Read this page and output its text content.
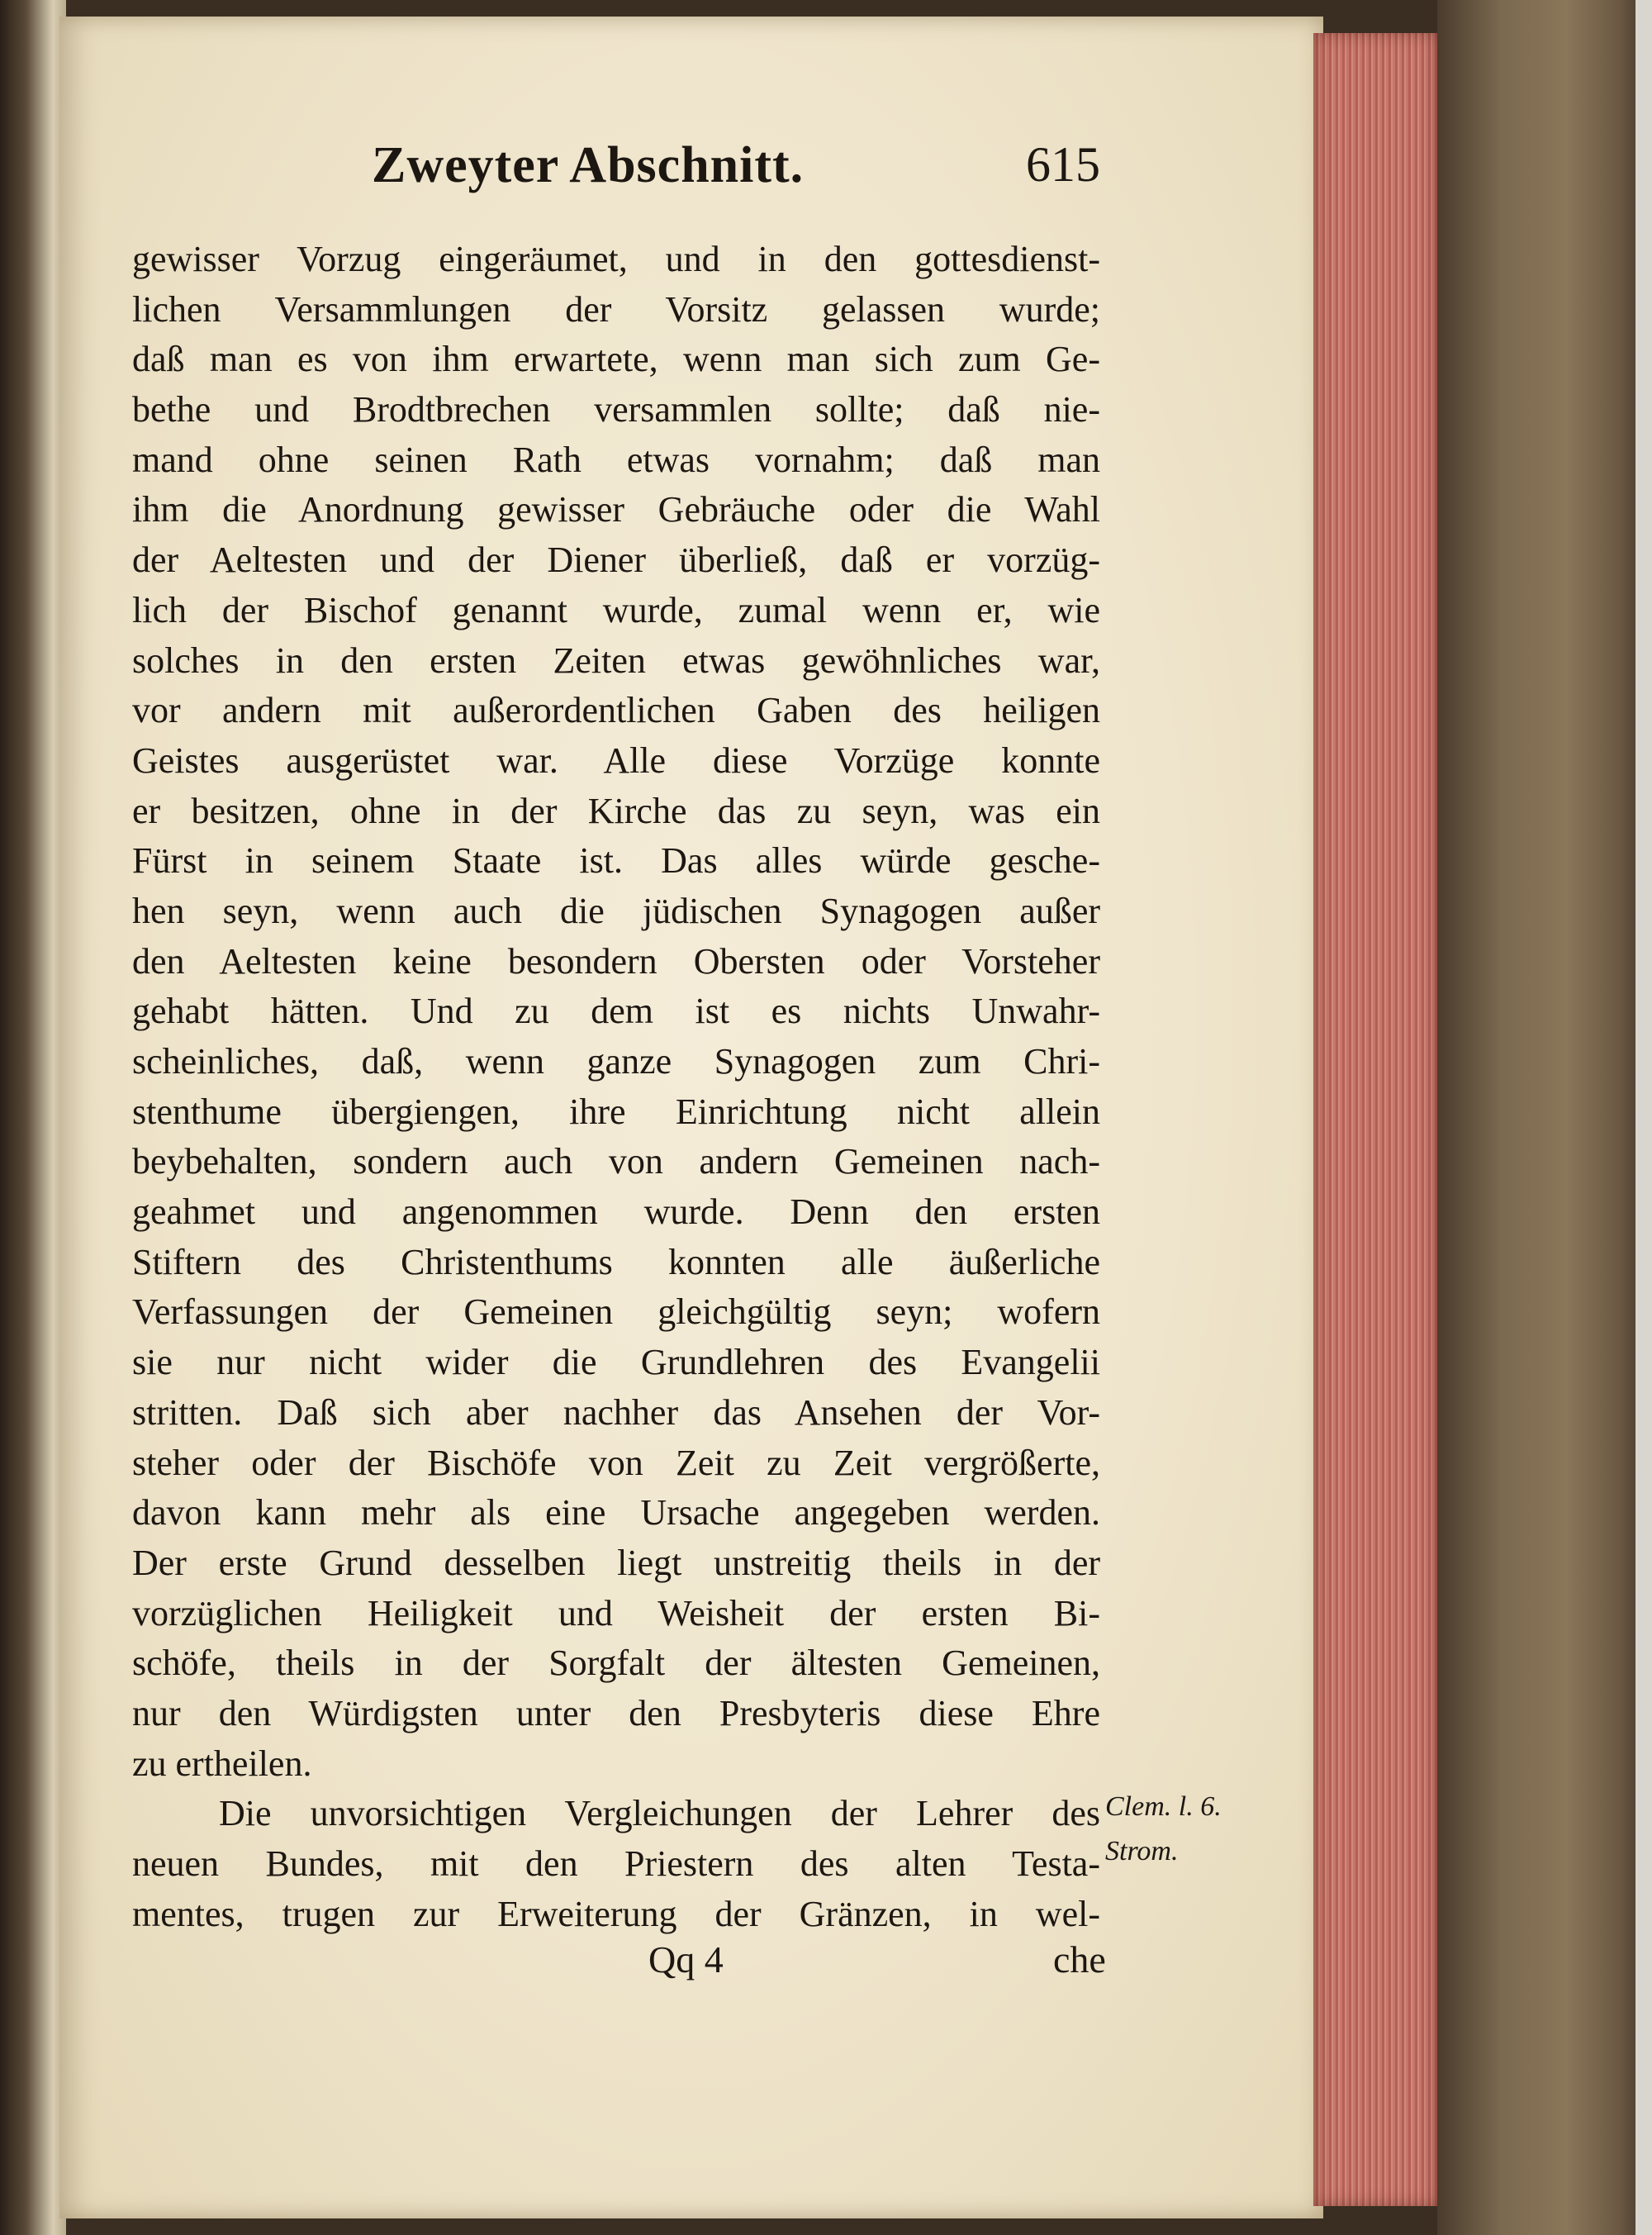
Zweyter Abschnitt.	615
gewisser Vorzug eingeräumet, und in den gottesdienst-
lichen Versammlungen der Vorsitz gelassen wurde;
daß man es von ihm erwartete, wenn man sich zum Ge-
bethe und Brodtbrechen versammlen sollte; daß nie-
mand ohne seinen Rath etwas vornahm; daß man
ihm die Anordnung gewisser Gebräuche oder die Wahl
der Aeltesten und der Diener überließ, daß er vorzüg-
lich der Bischof genannt wurde, zumal wenn er, wie
solches in den ersten Zeiten etwas gewöhnliches war,
vor andern mit außerordentlichen Gaben des heiligen
Geistes ausgerüstet war. Alle diese Vorzüge konnte
er besitzen, ohne in der Kirche das zu seyn, was ein
Fürst in seinem Staate ist. Das alles würde gesche-
hen seyn, wenn auch die jüdischen Synagogen außer
den Aeltesten keine besondern Obersten oder Vorsteher
gehabt hätten. Und zu dem ist es nichts Unwahr-
scheinliches, daß, wenn ganze Synagogen zum Chri-
stenthume übergiengen, ihre Einrichtung nicht allein
beybehalten, sondern auch von andern Gemeinen nach-
geahmet und angenommen wurde. Denn den ersten
Stiftern des Christenthums konnten alle äußerliche
Verfassungen der Gemeinen gleichgültig seyn; wofern
sie nur nicht wider die Grundlehren des Evangelii
stritten. Daß sich aber nachher das Ansehen der Vor-
steher oder der Bischöfe von Zeit zu Zeit vergrößerte,
davon kann mehr als eine Ursache angegeben werden.
Der erste Grund desselben liegt unstreitig theils in der
vorzüglichen Heiligkeit und Weisheit der ersten Bi-
schöfe, theils in der Sorgfalt der ältesten Gemeinen,
nur den Würdigsten unter den Presbyteris diese Ehre
zu ertheilen.
Die unvorsichtigen Vergleichungen der Lehrer des
neuen Bundes, mit den Priestern des alten Testa-
mentes, trugen zur Erweiterung der Gränzen, in wel-
Clem. l. 6.
Strom.
Qq 4	che
